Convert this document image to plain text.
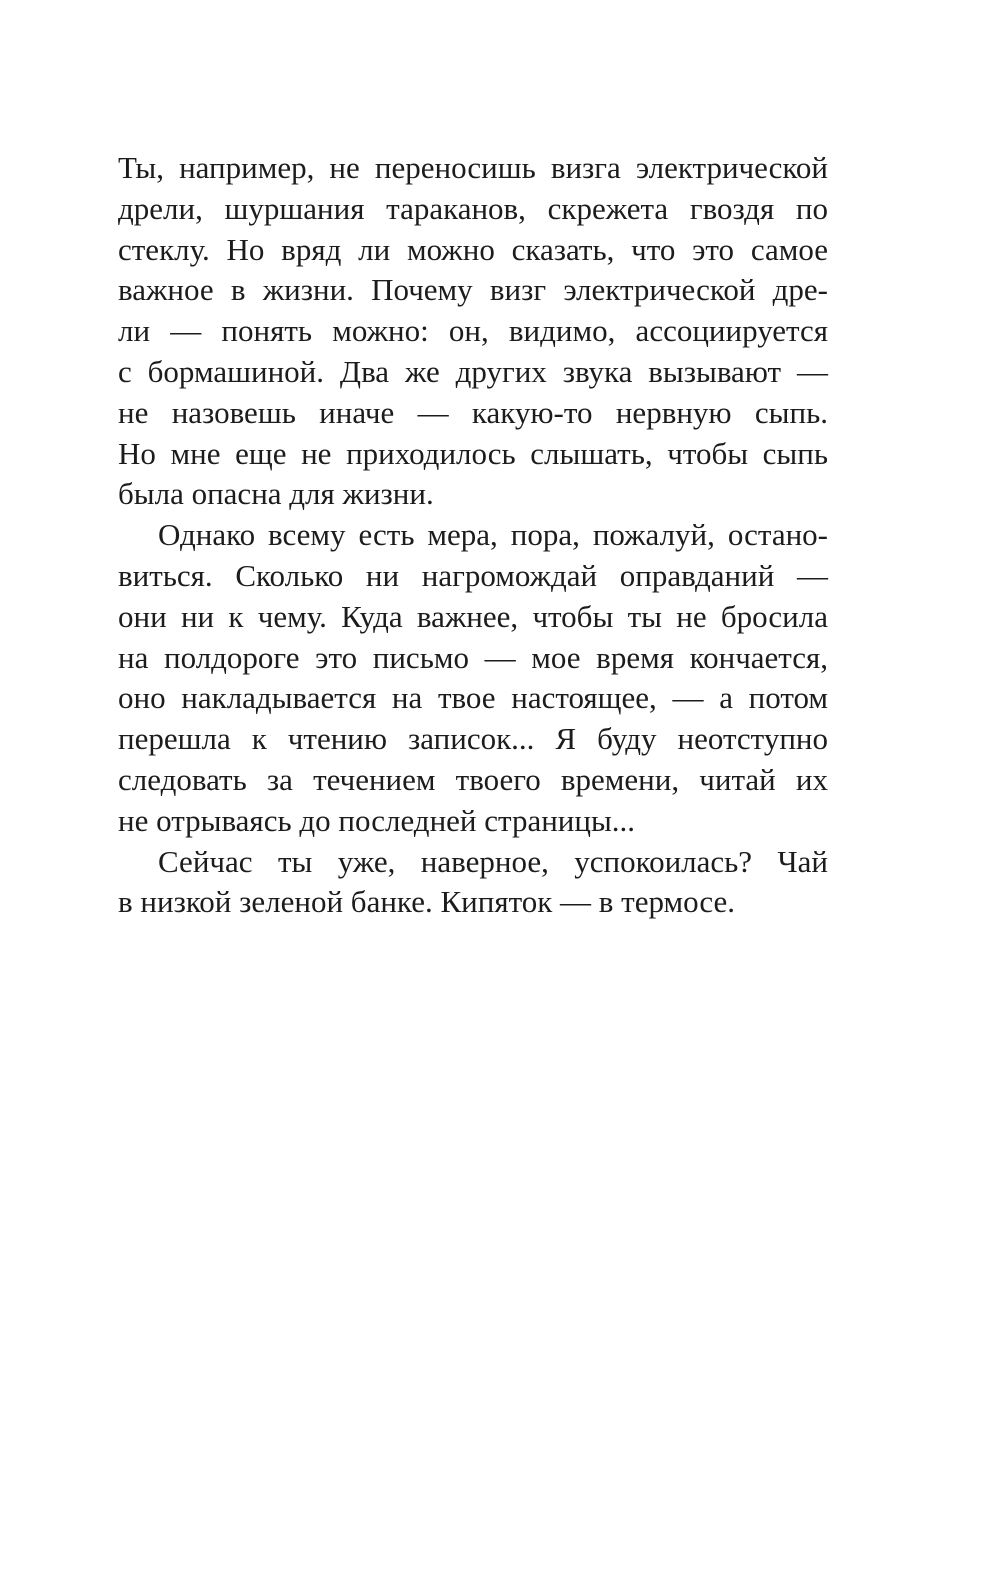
Ты, например, не переносишь визга электрической
дрели, шуршания тараканов, скрежета гвоздя по
стеклу. Но вряд ли можно сказать, что это самое
важное в жизни. Почему визг электрической дре-
ли — понять можно: он, видимо, ассоциируется
с бормашиной. Два же других звука вызывают —
не назовешь иначе — какую-то нервную сыпь.
Но мне еще не приходилось слышать, чтобы сыпь
была опасна для жизни.
Однако всему есть мера, пора, пожалуй, остано-
виться. Сколько ни нагромождай оправданий —
они ни к чему. Куда важнее, чтобы ты не бросила
на полдороге это письмо — мое время кончается,
оно накладывается на твое настоящее, — а потом
перешла к чтению записок... Я буду неотступно
следовать за течением твоего времени, читай их
не отрываясь до последней страницы...
Сейчас ты уже, наверное, успокоилась? Чай
в низкой зеленой банке. Кипяток — в термосе.
